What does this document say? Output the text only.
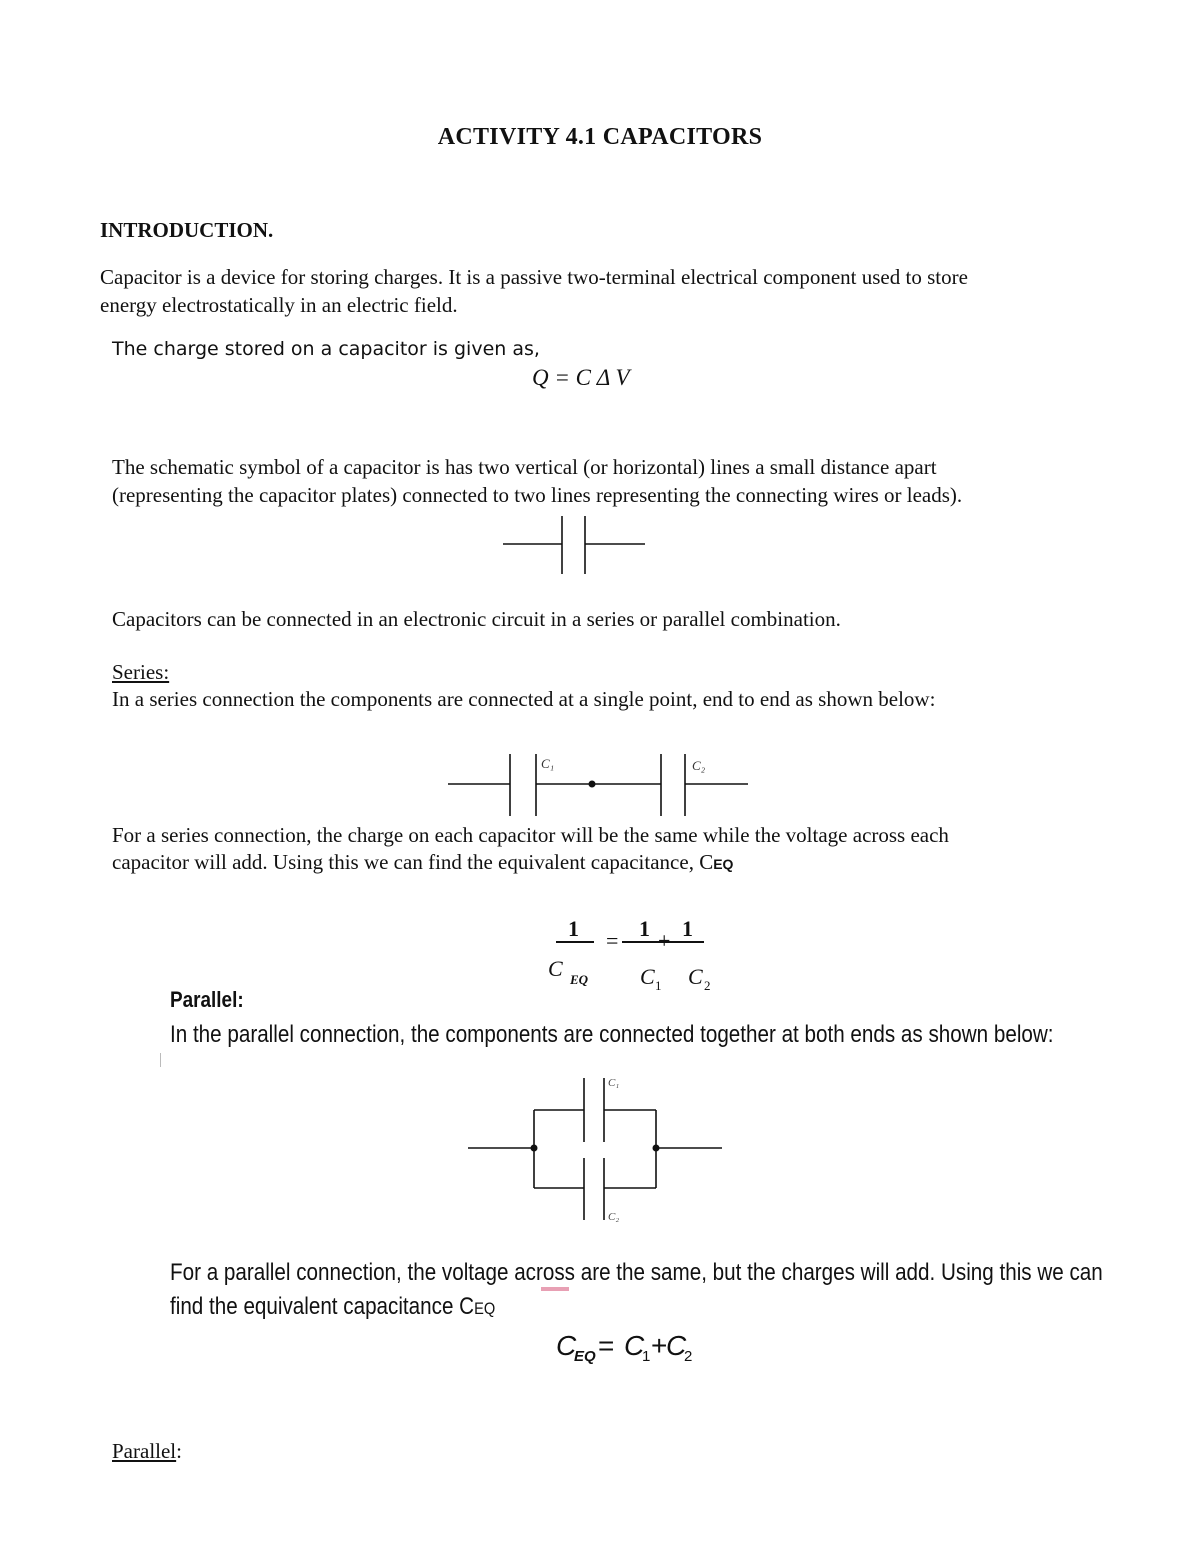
ACTIVITY 4.1 CAPACITORS
INTRODUCTION.
Capacitor is a device for storing charges. It is a passive two-terminal electrical component used to store
energy electrostatically in an electric field.
The charge stored on a capacitor is given as,
Q = C Δ V
The schematic symbol of a capacitor is has two vertical (or horizontal) lines a small distance apart
(representing the capacitor plates) connected to two lines representing the connecting wires or leads).
Capacitors can be connected in an electronic circuit in a series or parallel combination.
Series:
In a series connection the components are connected at a single point, end to end as shown below:
C₁	C₂
For a series connection, the charge on each capacitor will be the same while the voltage across each
capacitor will add. Using this we can find the equivalent capacitance, CEQ
1
C EQ
= 1 + 1
C 1 C 2
Parallel:
In the parallel connection, the components are connected together at both ends as shown below:
C₁
C₂
For a parallel connection, the voltage across are the same, but the charges will add. Using this we can
find the equivalent capacitance CEQ
C
EQ = C
1 +
C
2
Parallel:
